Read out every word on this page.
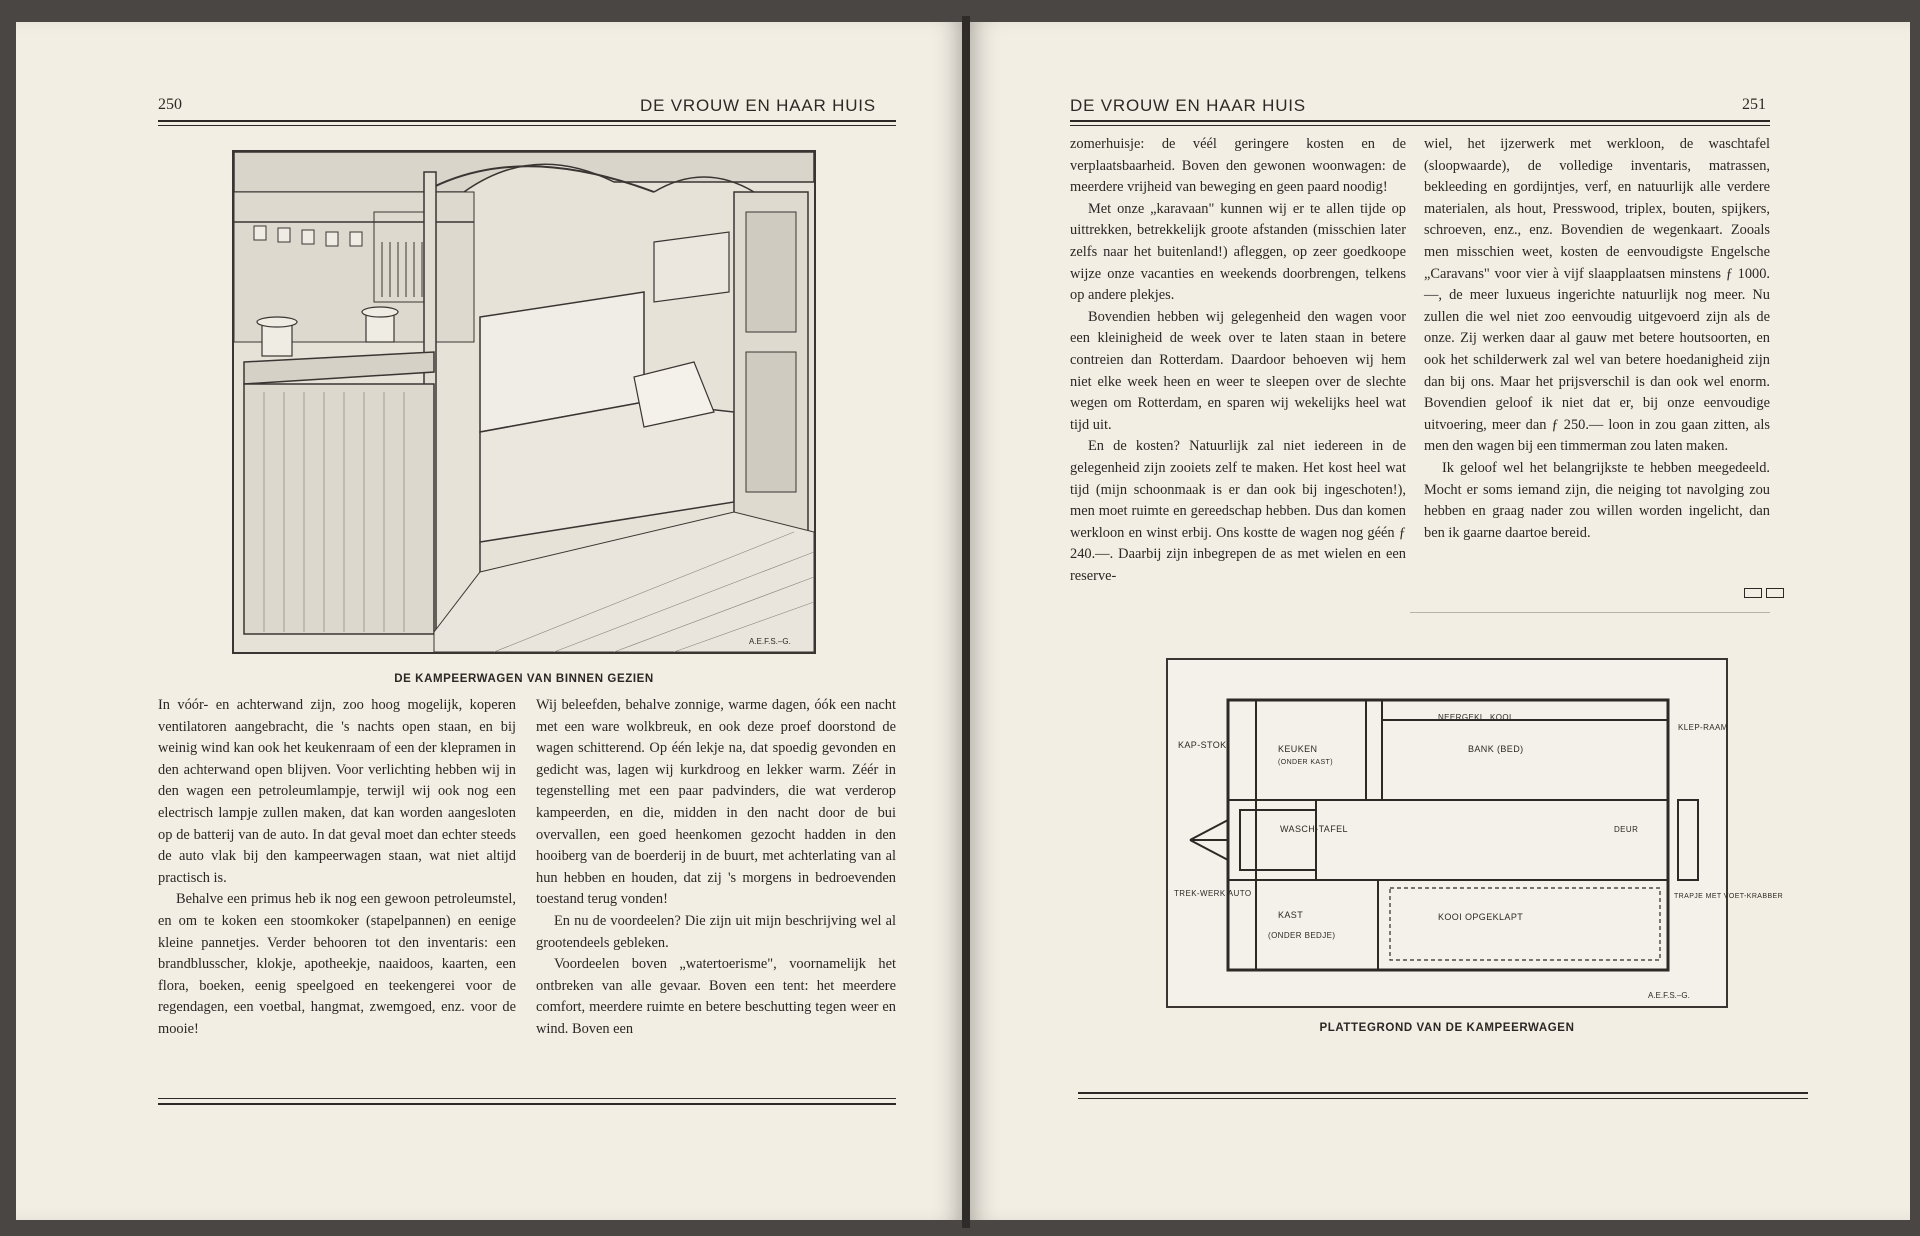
250	DE VROUW EN HAAR HUIS
A.E.F.S.–G.
DE KAMPEERWAGEN VAN BINNEN GEZIEN

In vóór- en achterwand zijn, zoo hoog mogelijk, koperen ventilatoren aangebracht, die 's nachts open staan, en bij weinig wind kan ook het keukenraam of een der klepramen in den achterwand open blijven. Voor verlichting hebben wij in den wagen een petroleumlampje, terwijl wij ook nog een electrisch lampje zullen maken, dat kan worden aangesloten op de batterij van de auto. In dat geval moet dan echter steeds de auto vlak bij den kampeerwagen staan, wat niet altijd practisch is.

Behalve een primus heb ik nog een gewoon petroleumstel, en om te koken een stoomkoker (stapelpannen) en eenige kleine pannetjes. Verder behooren tot den inventaris: een brandblusscher, klokje, apotheekje, naaidoos, kaarten, een flora, boeken, eenig speelgoed en teekengerei voor de regendagen, een voetbal, hangmat, zwemgoed, enz. voor de mooie!

Wij beleefden, behalve zonnige, warme dagen, óók een nacht met een ware wolkbreuk, en ook deze proef doorstond de wagen schitterend. Op één lekje na, dat spoedig gevonden en gedicht was, lagen wij kurkdroog en lekker warm. Zéér in tegenstelling met een paar padvinders, die wat verderop kampeerden, en die, midden in den nacht door de bui overvallen, een goed heenkomen gezocht hadden in den hooiberg van de boerderij in de buurt, met achterlating van al hun hebben en houden, dat zij 's morgens in bedroevenden toestand terug vonden!

En nu de voordeelen? Die zijn uit mijn beschrijving wel al grootendeels gebleken.

Voordeelen boven „watertoerisme", voornamelijk het ontbreken van alle gevaar. Boven een tent: het meerdere comfort, meerdere ruimte en betere beschutting tegen weer en wind. Boven een

DE VROUW EN HAAR HUIS	251

zomerhuisje: de véél geringere kosten en de verplaatsbaarheid. Boven den gewonen woonwagen: de meerdere vrijheid van beweging en geen paard noodig!

Met onze „karavaan" kunnen wij er te allen tijde op uittrekken, betrekkelijk groote afstanden (misschien later zelfs naar het buitenland!) afleggen, op zeer goedkoope wijze onze vacanties en weekends doorbrengen, telkens op andere plekjes.

Bovendien hebben wij gelegenheid den wagen voor een kleinigheid de week over te laten staan in betere contreien dan Rotterdam. Daardoor behoeven wij hem niet elke week heen en weer te sleepen over de slechte wegen om Rotterdam, en sparen wij wekelijks heel wat tijd uit.

En de kosten? Natuurlijk zal niet iedereen in de gelegenheid zijn zooiets zelf te maken. Het kost heel wat tijd (mijn schoonmaak is er dan ook bij ingeschoten!), men moet ruimte en gereedschap hebben. Dus dan komen werkloon en winst erbij. Ons kostte de wagen nog géén ƒ 240.—. Daarbij zijn inbegrepen de as met wielen en een reserve-

wiel, het ijzerwerk met werkloon, de waschtafel (sloopwaarde), de volledige inventaris, matrassen, bekleeding en gordijntjes, verf, en natuurlijk alle verdere materialen, als hout, Presswood, triplex, bouten, spijkers, schroeven, enz., enz. Bovendien de wegenkaart. Zooals men misschien weet, kosten de eenvoudigste Engelsche „Caravans" voor vier à vijf slaapplaatsen minstens ƒ 1000.—, de meer luxueus ingerichte natuurlijk nog meer. Nu zullen die wel niet zoo eenvoudig uitgevoerd zijn als de onze. Zij werken daar al gauw met betere houtsoorten, en ook het schilderwerk zal wel van betere hoedanigheid zijn dan bij ons. Maar het prijsverschil is dan ook wel enorm. Bovendien geloof ik niet dat er, bij onze eenvoudige uitvoering, meer dan ƒ 250.— loon in zou gaan zitten, als men den wagen bij een timmerman zou laten maken.

Ik geloof wel het belangrijkste te hebben meegedeeld. Mocht er soms iemand zijn, die neiging tot navolging zou hebben en graag nader zou willen worden ingelicht, dan ben ik gaarne daartoe bereid.

KAP-STOK	KEUKEN
(ONDER KAST)
NEERGEKL. KOOI
BANK (BED)
KLEP-RAAM
WASCH-TAFEL	DEUR
TREK-WERK AUTO
KAST
(ONDER BEDJE)
KOOI OPGEKLAPT
TRAPJE MET VOET-KRABBER
A.E.F.S.–G.
PLATTEGROND VAN DE KAMPEERWAGEN
